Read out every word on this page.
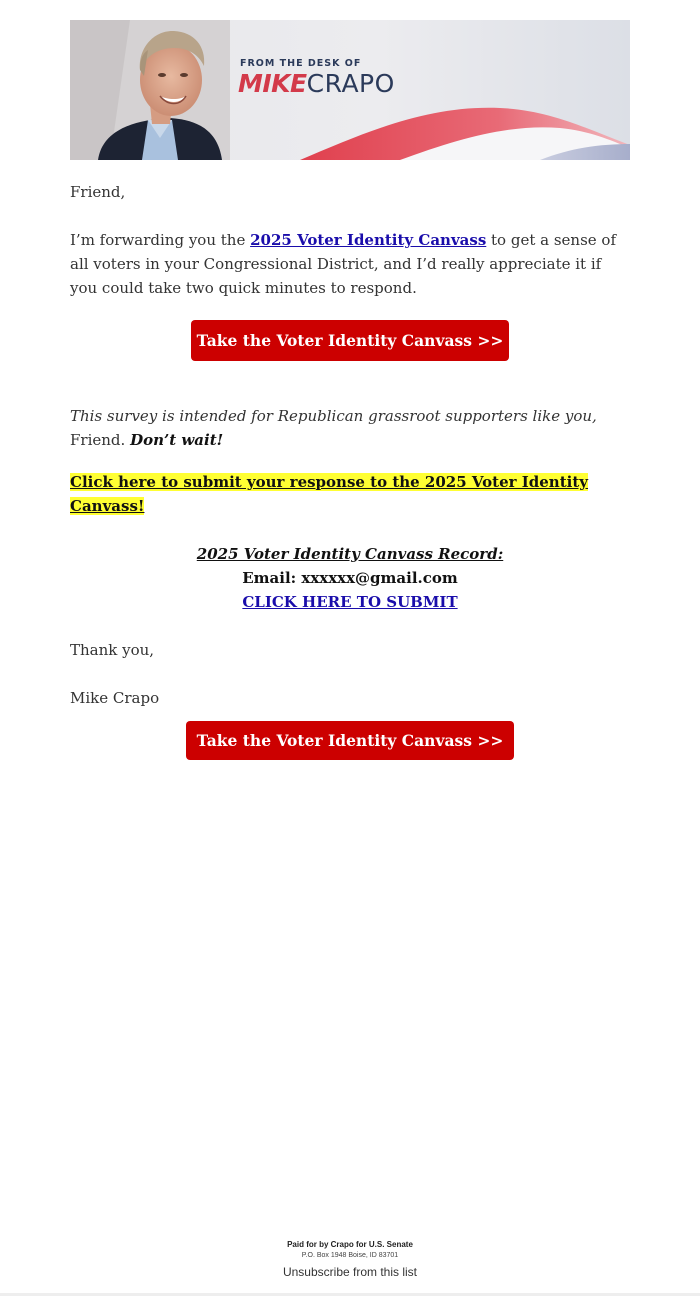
FROM THE DESK OF
MIKECRAPO

Friend,

I’m forwarding you the 2025 Voter Identity Canvass to get a sense of all voters in your Congressional District, and I’d really appreciate it if you could take two quick minutes to respond.

Take the Voter Identity Canvass >>

This survey is intended for Republican grassroot supporters like you,
Friend. Don’t wait!

Click here to submit your response to the 2025 Voter Identity Canvass!

2025 Voter Identity Canvass Record:

Email: xxxxxx@gmail.com

CLICK HERE TO SUBMIT

Thank you,

Mike Crapo

Take the Voter Identity Canvass >>
Paid for by Crapo for U.S. Senate
P.O. Box 1948 Boise, ID 83701
Unsubscribe from this list
